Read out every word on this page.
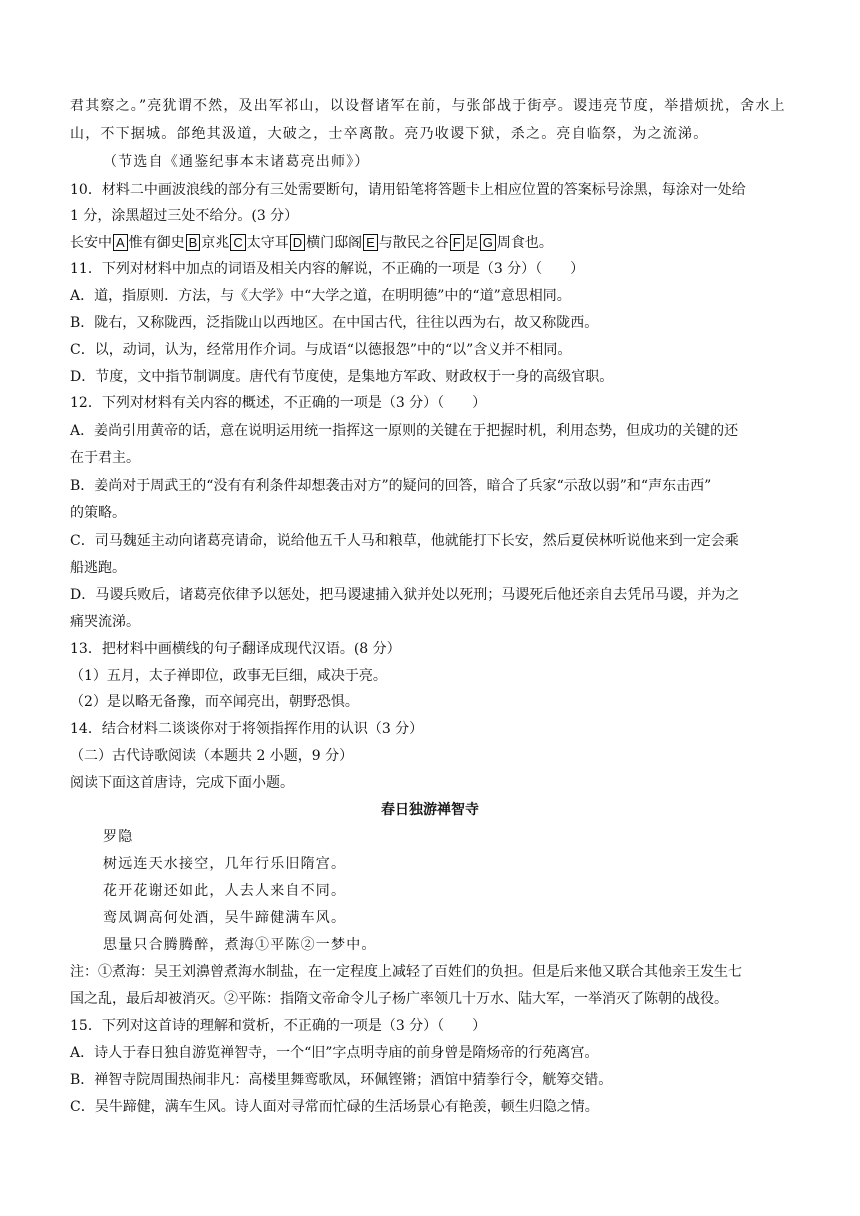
君其察之。”亮犹谓不然，及出军祁山，以设督诸军在前，与张郃战于街亭。谡违亮节度，举措烦扰，舍水上
山，不下据城。郃绝其汲道，大破之，士卒离散。亮乃收谡下狱，杀之。亮自临祭，为之流涕。
（节选自《通鉴纪事本末诸葛亮出师》）
10．材料二中画波浪线的部分有三处需要断句，请用铅笔将答题卡上相应位置的答案标号涂黑，每涂对一处给
1 分，涂黑超过三处不给分。(3 分）
长安中 A 惟有御史 B 京兆 C 太守耳 D 横门邸阁 E 与散民之谷 F 足 G 周食也。
11．下列对材料中加点的词语及相关内容的解说，不正确的一项是（3 分）（　　）
A．道，指原则．方法，与《大学》中“大学之道，在明明德”中的“道”意思相同。
B．陇右，又称陇西，泛指陇山以西地区。在中国古代，往往以西为右，故又称陇西。
C．以，动词，认为，经常用作介词。与成语“以德报怨”中的“以”含义并不相同。
D．节度，文中指节制调度。唐代有节度使，是集地方军政、财政权于一身的高级官职。
12．下列对材料有关内容的概述，不正确的一项是（3 分）（　　）
A．姜尚引用黄帝的话，意在说明运用统一指挥这一原则的关键在于把握时机，利用态势，但成功的关键的还
在于君主。
B．姜尚对于周武王的“没有有利条件却想袭击对方”的疑问的回答，暗合了兵家“示敌以弱”和“声东击西”
的策略。
C．司马魏延主动向诸葛亮请命，说给他五千人马和粮草，他就能打下长安，然后夏侯林听说他来到一定会乘
船逃跑。
D．马谡兵败后，诸葛亮依律予以惩处，把马谡逮捕入狱并处以死刑；马谡死后他还亲自去凭吊马谡，并为之
痛哭流涕。
13．把材料中画横线的句子翻译成现代汉语。(8 分）
（1）五月，太子禅即位，政事无巨细，咸决于亮。
（2）是以略无备豫，而卒闻亮出，朝野恐惧。
14．结合材料二谈谈你对于将领指挥作用的认识（3 分）
（二）古代诗歌阅读（本题共 2 小题，9 分）
阅读下面这首唐诗，完成下面小题。
春日独游禅智寺
罗隐
树远连天水接空，几年行乐旧隋宫。
花开花谢还如此，人去人来自不同。
鸾凤调高何处酒，吴牛蹄健满车风。
思量只合腾腾醉，煮海①平陈②一梦中。
注：①煮海：吴王刘濞曾煮海水制盐，在一定程度上减轻了百姓们的负担。但是后来他又联合其他亲王发生七
国之乱，最后却被消灭。②平陈：指隋文帝命令儿子杨广率领几十万水、陆大军，一举消灭了陈朝的战役。
15．下列对这首诗的理解和赏析，不正确的一项是（3 分）（　　）
A．诗人于春日独自游览禅智寺，一个“旧”字点明寺庙的前身曾是隋炀帝的行苑离宫。
B．禅智寺院周围热闹非凡：高楼里舞鸾歌凤，环佩铿锵；酒馆中猜拳行令，觥筹交错。
C．吴牛蹄健，满车生风。诗人面对寻常而忙碌的生活场景心有艳羡，顿生归隐之情。
